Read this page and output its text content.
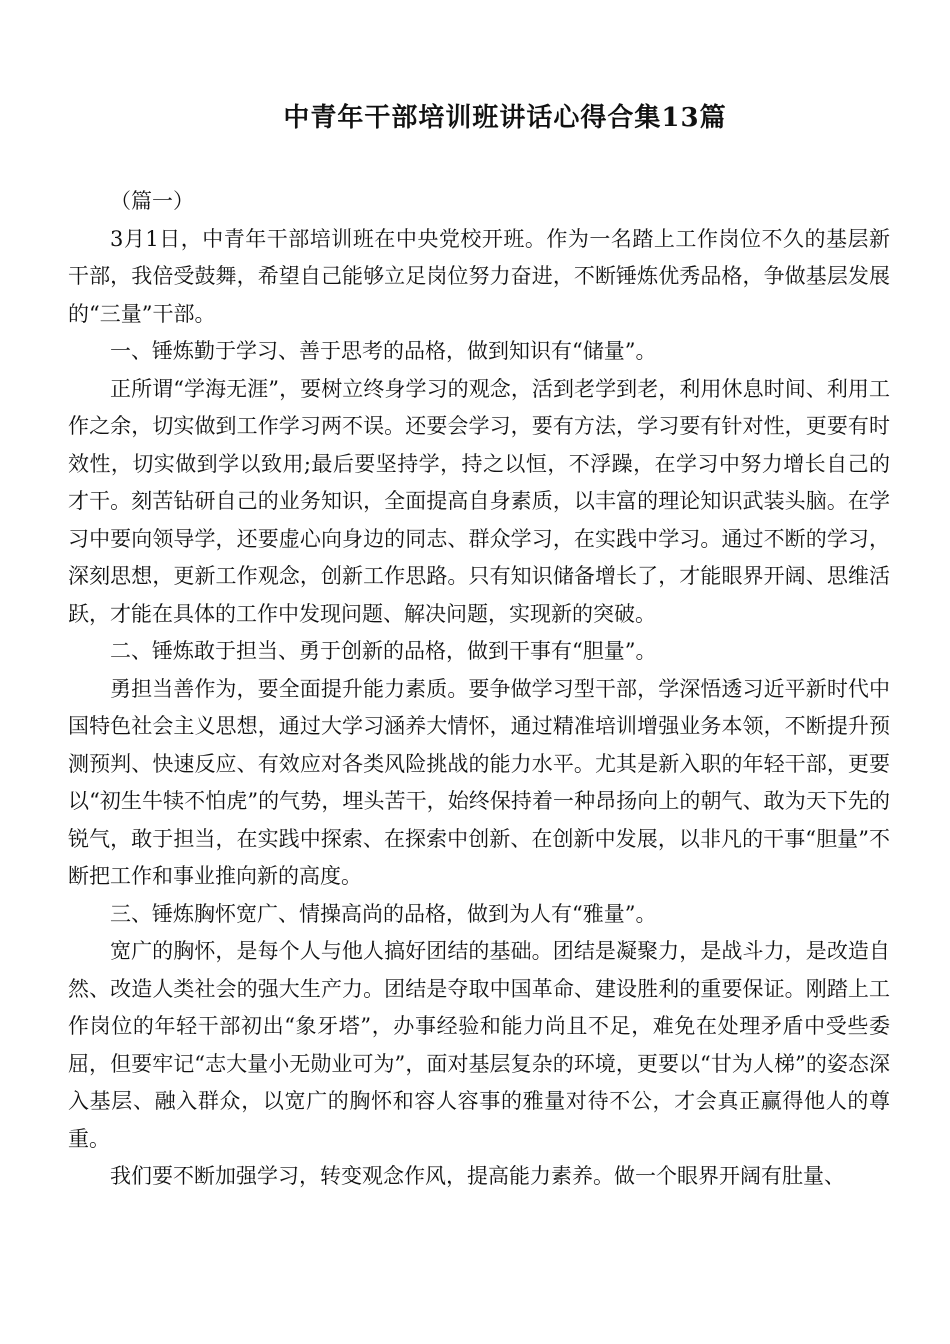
中青年干部培训班讲话心得合集13篇

（篇一）

3月1日，中青年干部培训班在中央党校开班。作为一名踏上工作岗位不久的基层新干部，我倍受鼓舞，希望自己能够立足岗位努力奋进，不断锤炼优秀品格，争做基层发展的“三量”干部。

一、锤炼勤于学习、善于思考的品格，做到知识有“储量”。

正所谓“学海无涯”，要树立终身学习的观念，活到老学到老，利用休息时间、利用工作之余，切实做到工作学习两不误。还要会学习，要有方法，学习要有针对性，更要有时效性，切实做到学以致用;最后要坚持学，持之以恒，不浮躁，在学习中努力增长自己的才干。刻苦钻研自己的业务知识，全面提高自身素质，以丰富的理论知识武装头脑。在学习中要向领导学，还要虚心向身边的同志、群众学习，在实践中学习。通过不断的学习，深刻思想，更新工作观念，创新工作思路。只有知识储备增长了，才能眼界开阔、思维活跃，才能在具体的工作中发现问题、解决问题，实现新的突破。

二、锤炼敢于担当、勇于创新的品格，做到干事有“胆量”。

勇担当善作为，要全面提升能力素质。要争做学习型干部，学深悟透习近平新时代中国特色社会主义思想，通过大学习涵养大情怀，通过精准培训增强业务本领，不断提升预测预判、快速反应、有效应对各类风险挑战的能力水平。尤其是新入职的年轻干部，更要以“初生牛犊不怕虎”的气势，埋头苦干，始终保持着一种昂扬向上的朝气、敢为天下先的锐气，敢于担当，在实践中探索、在探索中创新、在创新中发展，以非凡的干事“胆量”不断把工作和事业推向新的高度。

三、锤炼胸怀宽广、情操高尚的品格，做到为人有“雅量”。

宽广的胸怀，是每个人与他人搞好团结的基础。团结是凝聚力，是战斗力，是改造自然、改造人类社会的强大生产力。团结是夺取中国革命、建设胜利的重要保证。刚踏上工作岗位的年轻干部初出“象牙塔”，办事经验和能力尚且不足，难免在处理矛盾中受些委屈，但要牢记“志大量小无勋业可为”，面对基层复杂的环境，更要以“甘为人梯”的姿态深入基层、融入群众，以宽广的胸怀和容人容事的雅量对待不公，才会真正赢得他人的尊重。

我们要不断加强学习，转变观念作风，提高能力素养。做一个眼界开阔有肚量、
